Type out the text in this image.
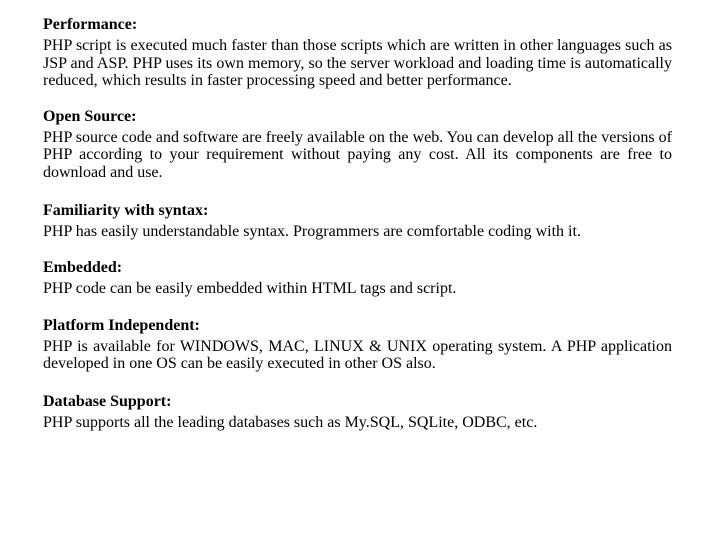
Performance:

PHP script is executed much faster than those scripts which are written in other languages such as JSP and ASP. PHP uses its own memory, so the server workload and loading time is automatically reduced, which results in faster processing speed and better performance.

Open Source:

PHP source code and software are freely available on the web. You can develop all the versions of PHP according to your requirement without paying any cost. All its components are free to download and use.

Familiarity with syntax:

PHP has easily understandable syntax. Programmers are comfortable coding with it.

Embedded:

PHP code can be easily embedded within HTML tags and script.

Platform Independent:

PHP is available for WINDOWS, MAC, LINUX & UNIX operating system. A PHP application developed in one OS can be easily executed in other OS also.

Database Support:

PHP supports all the leading databases such as My.SQL, SQLite, ODBC, etc.
